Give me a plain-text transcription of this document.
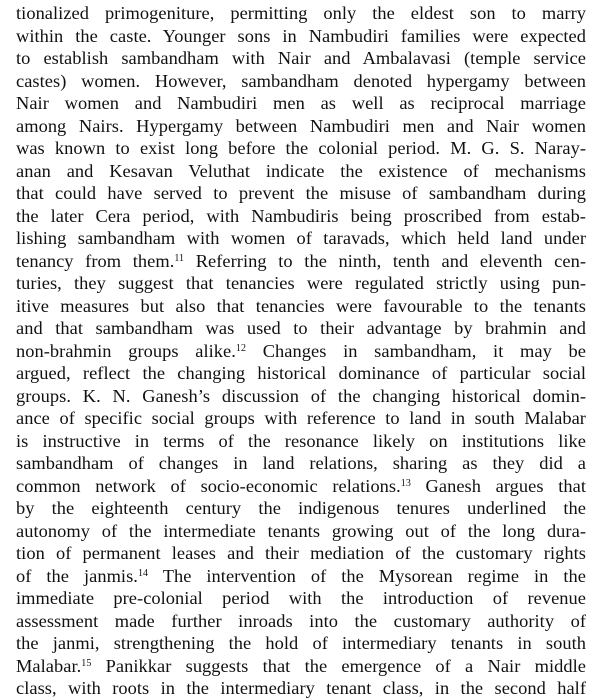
tionalized primogeniture, permitting only the eldest son to marry
within the caste. Younger sons in Nambudiri families were expected
to establish sambandham with Nair and Ambalavasi (temple service
castes) women. However, sambandham denoted hypergamy between
Nair women and Nambudiri men as well as reciprocal marriage
among Nairs. Hypergamy between Nambudiri men and Nair women
was known to exist long before the colonial period. M. G. S. Naray-
anan and Kesavan Veluthat indicate the existence of mechanisms
that could have served to prevent the misuse of sambandham during
the later Cera period, with Nambudiris being proscribed from estab-
lishing sambandham with women of taravads, which held land under
tenancy from them.$^{11}$ Referring to the ninth, tenth and eleventh cen-
turies, they suggest that tenancies were regulated strictly using pun-
itive measures but also that tenancies were favourable to the tenants
and that sambandham was used to their advantage by brahmin and
non-brahmin groups alike.$^{12}$ Changes in sambandham, it may be
argued, reflect the changing historical dominance of particular social
groups. K. N. Ganesh’s discussion of the changing historical domin-
ance of specific social groups with reference to land in south Malabar
is instructive in terms of the resonance likely on institutions like
sambandham of changes in land relations, sharing as they did a
common network of socio-economic relations.$^{13}$ Ganesh argues that
by the eighteenth century the indigenous tenures underlined the
autonomy of the intermediate tenants growing out of the long dura-
tion of permanent leases and their mediation of the customary rights
of the janmis.$^{14}$ The intervention of the Mysorean regime in the
immediate pre-colonial period with the introduction of revenue
assessment made further inroads into the customary authority of
the janmi, strengthening the hold of intermediary tenants in south
Malabar.$^{15}$ Panikkar suggests that the emergence of a Nair middle
class, with roots in the intermediary tenant class, in the second half
